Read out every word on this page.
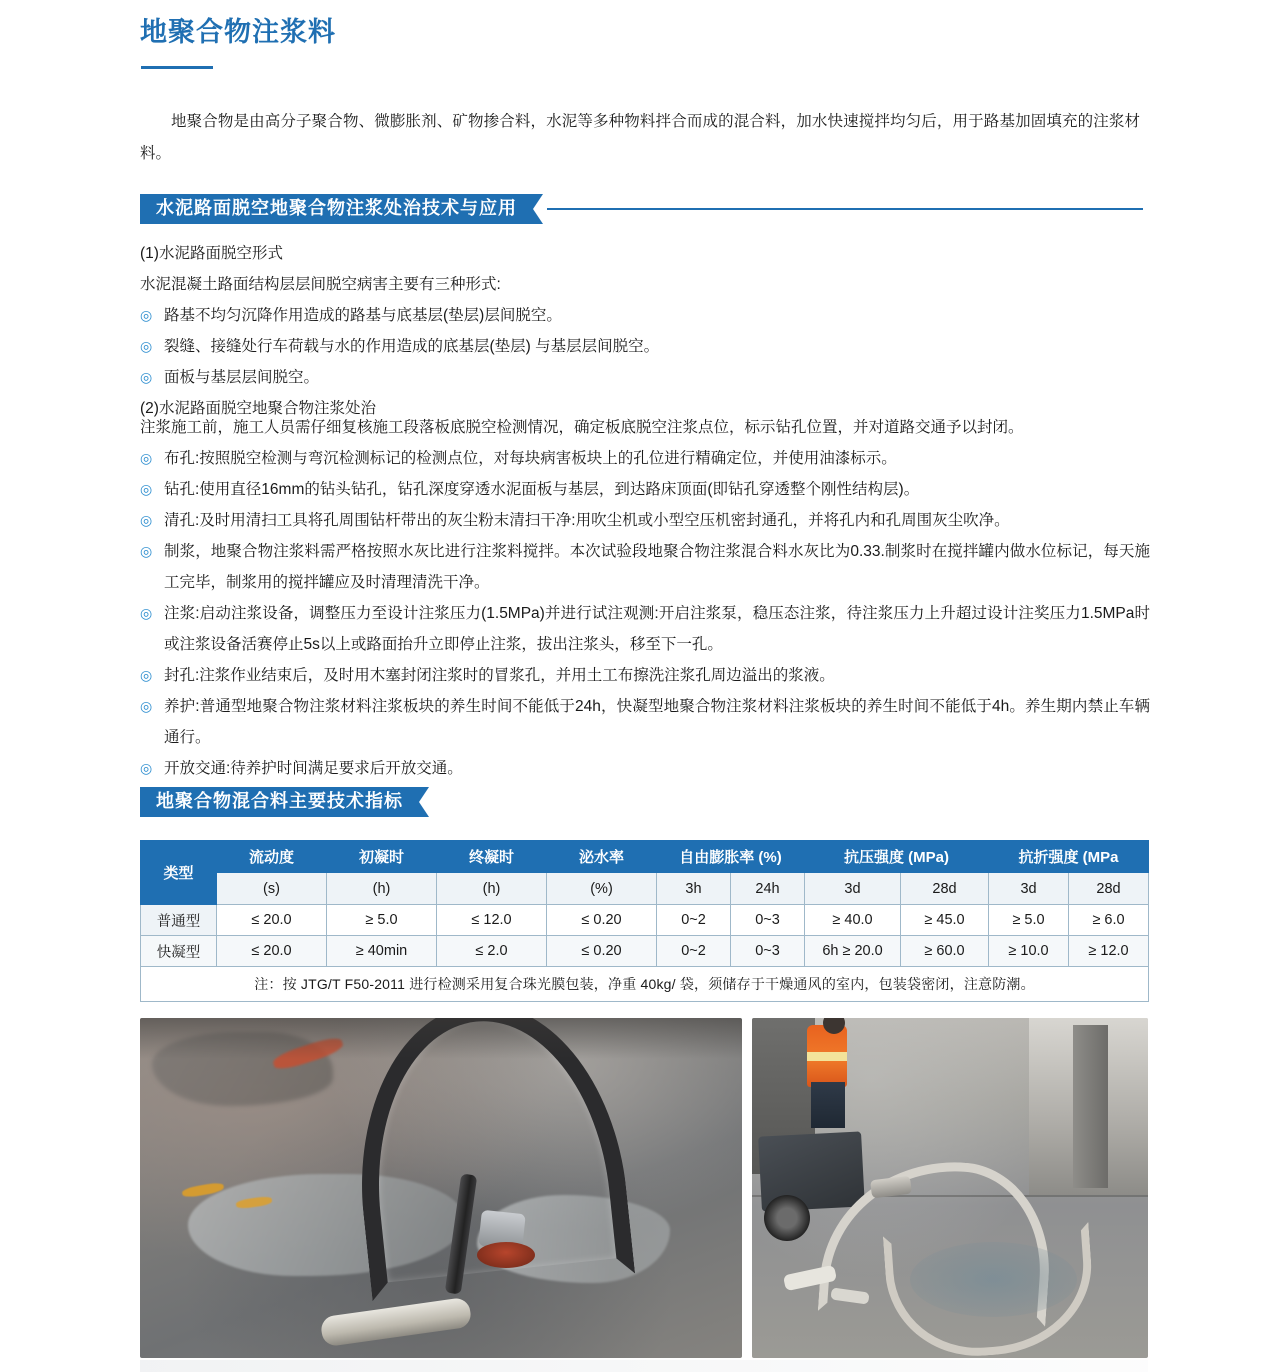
地聚合物注浆料
地聚合物是由高分子聚合物、微膨胀剂、矿物掺合料，水泥等多种物料拌合而成的混合料，加水快速搅拌均匀后，用于路基加固填充的注浆材料。
水泥路面脱空地聚合物注浆处治技术与应用
(1)水泥路面脱空形式
水泥混凝土路面结构层层间脱空病害主要有三种形式:
◎ 路基不均匀沉降作用造成的路基与底基层(垫层)层间脱空。
◎ 裂缝、接缝处行车荷载与水的作用造成的底基层(垫层) 与基层层间脱空。
◎ 面板与基层层间脱空。
(2)水泥路面脱空地聚合物注浆处治
注浆施工前，施工人员需仔细复核施工段落板底脱空检测情况，确定板底脱空注浆点位，标示钻孔位置，并对道路交通予以封闭。
◎ 布孔:按照脱空检测与弯沉检测标记的检测点位，对每块病害板块上的孔位进行精确定位，并使用油漆标示。
◎ 钻孔:使用直径16mm的钻头钻孔，钻孔深度穿透水泥面板与基层，到达路床顶面(即钻孔穿透整个刚性结构层)。
◎ 清孔:及时用清扫工具将孔周围钻杆带出的灰尘粉末清扫干净:用吹尘机或小型空压机密封通孔，并将孔内和孔周围灰尘吹净。
◎ 制浆，地聚合物注浆料需严格按照水灰比进行注浆料搅拌。本次试验段地聚合物注浆混合料水灰比为0.33.制浆时在搅拌罐内做水位标记，每天施工完毕，制浆用的搅拌罐应及时清理清洗干净。
◎ 注浆:启动注浆设备，调整压力至设计注浆压力(1.5MPa)并进行试注观测:开启注浆泵，稳压态注浆，待注浆压力上升超过设计注奖压力1.5MPa时或注浆设备活赛停止5s以上或路面抬升立即停止注浆，拔出注浆头，移至下一孔。
◎ 封孔:注浆作业结束后，及时用木塞封闭注浆时的冒浆孔，并用土工布擦洗注浆孔周边溢出的浆液。
◎ 养护:普通型地聚合物注浆材料注浆板块的养生时间不能低于24h，快凝型地聚合物注浆材料注浆板块的养生时间不能低于4h。养生期内禁止车辆通行。
◎ 开放交通:待养护时间满足要求后开放交通。
地聚合物混合料主要技术指标
类型	流动度	初凝时	终凝时	泌水率	自由膨胀率 (%)		抗压强度 (MPa)		抗折强度 (MPa	
	(s)	(h)	(h)	(%)	3h	24h	3d	28d	3d	28d
普通型	≤ 20.0	≥ 5.0	≤ 12.0	≤ 0.20	0~2	0~3	≥ 40.0	≥ 45.0	≥ 5.0	≥ 6.0
快凝型	≤ 20.0	≥ 40min	≤ 2.0	≤ 0.20	0~2	0~3	6h ≥ 20.0	≥ 60.0	≥ 10.0	≥ 12.0
注：按 JTG/T F50-2011 进行检测采用复合珠光膜包装，净重 40kg/ 袋，须储存于干燥通风的室内，包装袋密闭，注意防潮。										
